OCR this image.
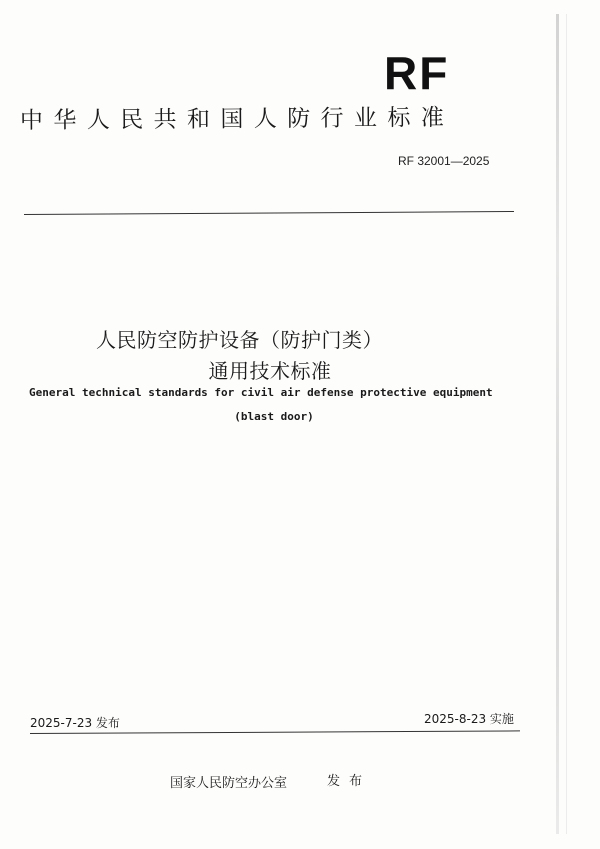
RF
中华人民共和国人防行业标准
RF 32001—2025
人民防空防护设备（防护门类）
通用技术标准
General technical standards for civil air defense protective equipment
(blast door)
2025-8-23 实施
2025-7-23 发布
国家人民防空办公室	发布
